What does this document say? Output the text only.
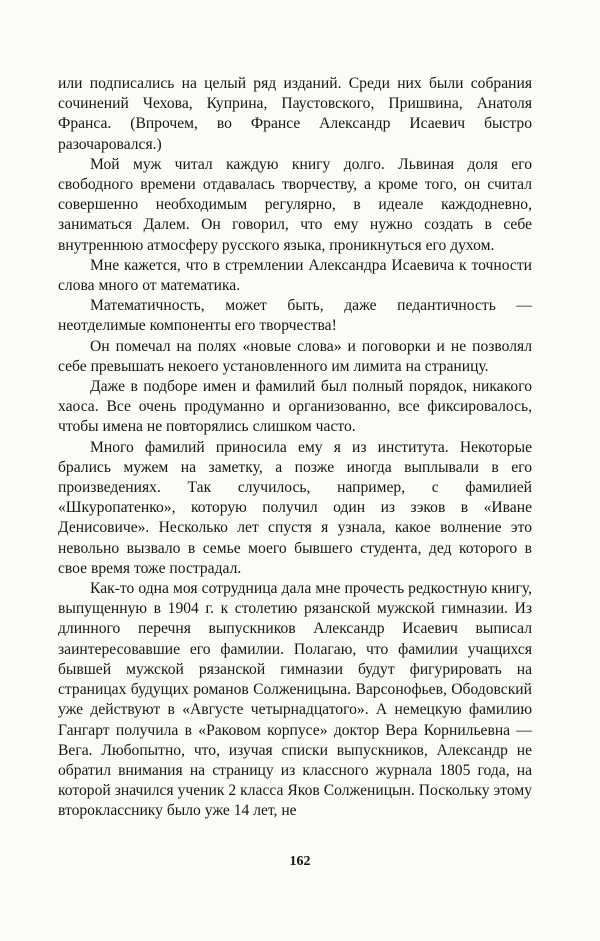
или подписались на целый ряд изданий. Среди них были собрания сочинений Чехова, Куприна, Паустовского, Пришвина, Анатоля Франса. (Впрочем, во Франсе Александр Исаевич быстро разочаровался.)

Мой муж читал каждую книгу долго. Львиная доля его свободного времени отдавалась творчеству, а кроме того, он считал совершенно необходимым регулярно, в идеале каждодневно, заниматься Далем. Он говорил, что ему нужно создать в себе внутреннюю атмосферу русского языка, проникнуться его духом.

Мне кажется, что в стремлении Александра Исаевича к точности слова много от математика.

Математичность, может быть, даже педантичность — неотделимые компоненты его творчества!

Он помечал на полях «новые слова» и поговорки и не позволял себе превышать некоего установленного им лимита на страницу.

Даже в подборе имен и фамилий был полный порядок, никакого хаоса. Все очень продуманно и организованно, все фиксировалось, чтобы имена не повторялись слишком часто.

Много фамилий приносила ему я из института. Некоторые брались мужем на заметку, а позже иногда выплывали в его произведениях. Так случилось, например, с фамилией «Шкуропатенко», которую получил один из зэков в «Иване Денисовиче». Несколько лет спустя я узнала, какое волнение это невольно вызвало в семье моего бывшего студента, дед которого в свое время тоже пострадал.

Как-то одна моя сотрудница дала мне прочесть редкостную книгу, выпущенную в 1904 г. к столетию рязанской мужской гимназии. Из длинного перечня выпускников Александр Исаевич выписал заинтересовавшие его фамилии. Полагаю, что фамилии учащихся бывшей мужской рязанской гимназии будут фигурировать на страницах будущих романов Солженицына. Варсонофьев, Ободовский уже действуют в «Августе четырнадцатого». А немецкую фамилию Гангарт получила в «Раковом корпусе» доктор Вера Корнильевна — Вега. Любопытно, что, изучая списки выпускников, Александр не обратил внимания на страницу из классного журнала 1805 года, на которой значился ученик 2 класса Яков Солженицын. Поскольку этому второкласснику было уже 14 лет, не

162
